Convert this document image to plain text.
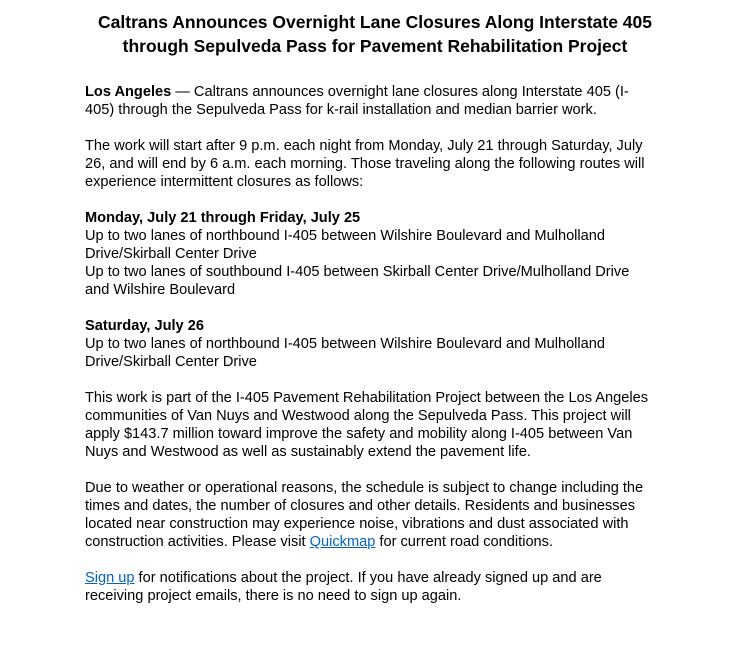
Caltrans Announces Overnight Lane Closures Along Interstate 405
through Sepulveda Pass for Pavement Rehabilitation Project

Los Angeles — Caltrans announces overnight lane closures along Interstate 405 (I-
405) through the Sepulveda Pass for k-rail installation and median barrier work.

The work will start after 9 p.m. each night from Monday, July 21 through Saturday, July
26, and will end by 6 a.m. each morning. Those traveling along the following routes will
experience intermittent closures as follows:

Monday, July 21 through Friday, July 25
Up to two lanes of northbound I-405 between Wilshire Boulevard and Mulholland
Drive/Skirball Center Drive
Up to two lanes of southbound I-405 between Skirball Center Drive/Mulholland Drive
and Wilshire Boulevard

Saturday, July 26
Up to two lanes of northbound I-405 between Wilshire Boulevard and Mulholland
Drive/Skirball Center Drive

This work is part of the I-405 Pavement Rehabilitation Project between the Los Angeles
communities of Van Nuys and Westwood along the Sepulveda Pass. This project will
apply $143.7 million toward improve the safety and mobility along I-405 between Van
Nuys and Westwood as well as sustainably extend the pavement life.

Due to weather or operational reasons, the schedule is subject to change including the
times and dates, the number of closures and other details. Residents and businesses
located near construction may experience noise, vibrations and dust associated with
construction activities. Please visit Quickmap for current road conditions.

Sign up for notifications about the project. If you have already signed up and are
receiving project emails, there is no need to sign up again.
